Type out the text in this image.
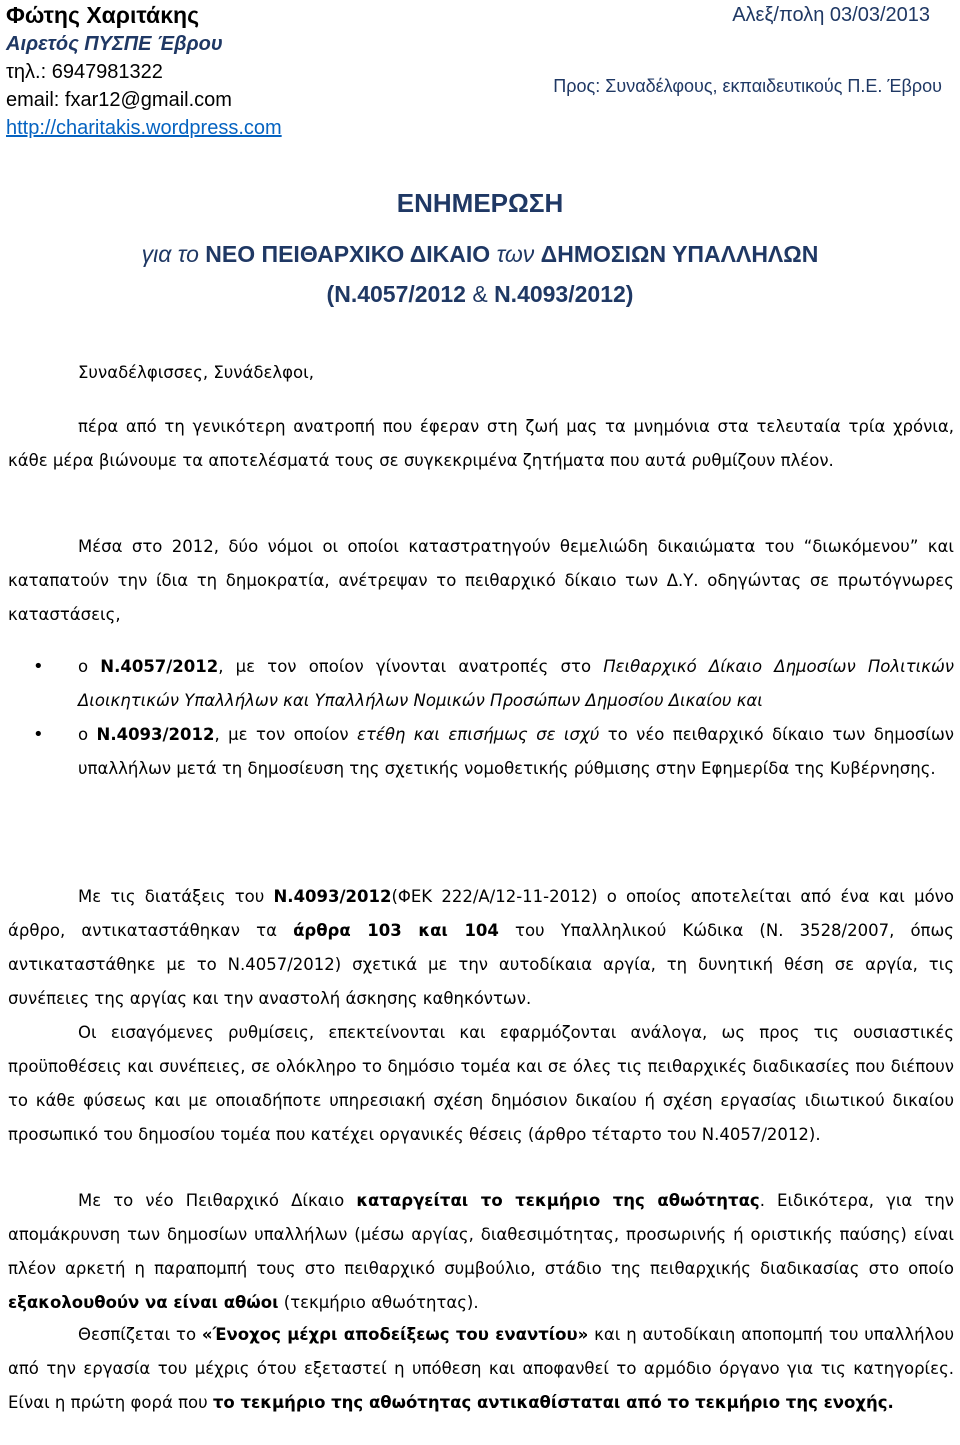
Φώτης Χαριτάκης
Αιρετός ΠΥΣΠΕ Έβρου
τηλ.: 6947981322
email: fxar12@gmail.com
http://charitakis.wordpress.com
Αλεξ/πολη 03/03/2013
Προς: Συναδέλφους, εκπαιδευτικούς Π.Ε. Έβρου
ΕΝΗΜΕΡΩΣΗ
για το ΝΕΟ ΠΕΙΘΑΡΧΙΚΟ ΔΙΚΑΙΟ των ΔΗΜΟΣΙΩΝ ΥΠΑΛΛΗΛΩΝ
(Ν.4057/2012 & Ν.4093/2012)

Συναδέλφισσες, Συνάδελφοι,

πέρα από τη γενικότερη ανατροπή που έφεραν στη ζωή μας τα μνημόνια στα τελευταία τρία χρόνια, κάθε μέρα βιώνουμε τα αποτελέσματά τους σε συγκεκριμένα ζητήματα που αυτά ρυθμίζουν πλέον.
Μέσα στο 2012, δύο νόμοι οι οποίοι καταστρατηγούν θεμελιώδη δικαιώματα του “διωκόμενου” και καταπατούν την ίδια τη δημοκρατία, ανέτρεψαν το πειθαρχικό δίκαιο των Δ.Υ. οδηγώντας σε πρωτόγνωρες καταστάσεις,
• ο Ν.4057/2012, με τον οποίον γίνονται ανατροπές στο Πειθαρχικό Δίκαιο Δημοσίων Πολιτικών Διοικητικών Υπαλλήλων και Υπαλλήλων Νομικών Προσώπων Δημοσίου Δικαίου και
• ο Ν.4093/2012, με τον οποίον ετέθη και επισήμως σε ισχύ το νέο πειθαρχικό δίκαιο των δημοσίων υπαλλήλων μετά τη δημοσίευση της σχετικής νομοθετικής ρύθμισης στην Εφημερίδα της Κυβέρνησης.
Με τις διατάξεις του Ν.4093/2012(ΦΕΚ 222/Α/12-11-2012) ο οποίος αποτελείται από ένα και μόνο άρθρο, αντικαταστάθηκαν τα άρθρα 103 και 104 του Υπαλληλικού Κώδικα (Ν. 3528/2007, όπως αντικαταστάθηκε με το Ν.4057/2012) σχετικά με την αυτοδίκαια αργία, τη δυνητική θέση σε αργία, τις συνέπειες της αργίας και την αναστολή άσκησης καθηκόντων.
Οι εισαγόμενες ρυθμίσεις, επεκτείνονται και εφαρμόζονται ανάλογα, ως προς τις ουσιαστικές προϋποθέσεις και συνέπειες, σε ολόκληρο το δημόσιο τομέα και σε όλες τις πειθαρχικές διαδικασίες που διέπουν το κάθε φύσεως και με οποιαδήποτε υπηρεσιακή σχέση δημόσιον δικαίου ή σχέση εργασίας ιδιωτικού δικαίου προσωπικό του δημοσίου τομέα που κατέχει οργανικές θέσεις (άρθρο τέταρτο του Ν.4057/2012).
Με το νέο Πειθαρχικό Δίκαιο καταργείται το τεκμήριο της αθωότητας. Ειδικότερα, για την απομάκρυνση των δημοσίων υπαλλήλων (μέσω αργίας, διαθεσιμότητας, προσωρινής ή οριστικής παύσης) είναι πλέον αρκετή η παραπομπή τους στο πειθαρχικό συμβούλιο, στάδιο της πειθαρχικής διαδικασίας στο οποίο εξακολουθούν να είναι αθώοι (τεκμήριο αθωότητας).
Θεσπίζεται το «Ένοχος μέχρι αποδείξεως του εναντίου» και η αυτοδίκαιη αποπομπή του υπαλλήλου από την εργασία του μέχρις ότου εξεταστεί η υπόθεση και αποφανθεί το αρμόδιο όργανο για τις κατηγορίες. Είναι η πρώτη φορά που το τεκμήριο της αθωότητας αντικαθίσταται από το τεκμήριο της ενοχής.
